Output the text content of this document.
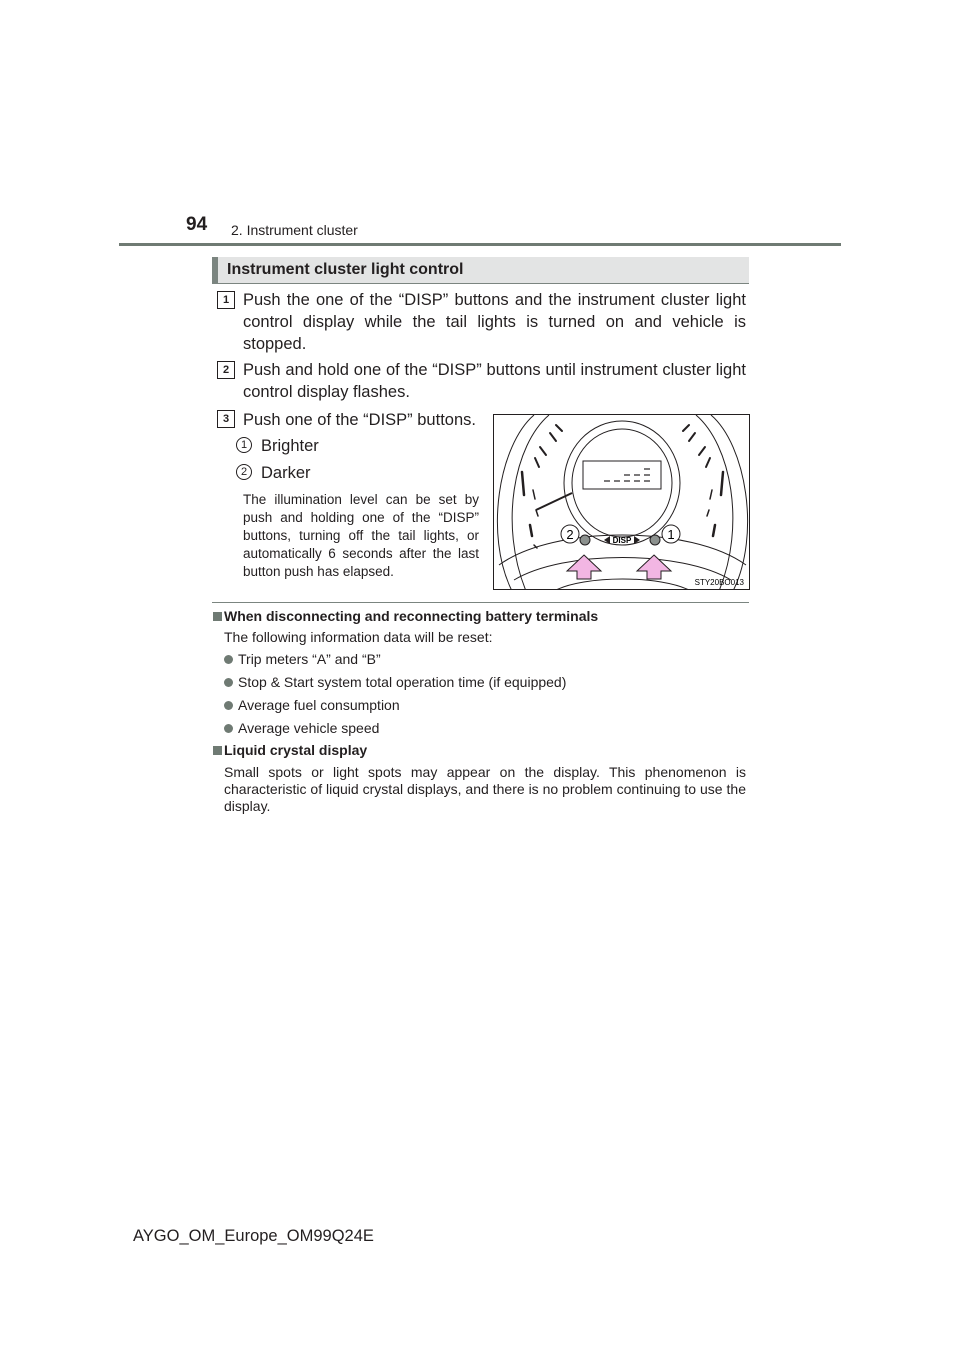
94 2. Instrument cluster
Instrument cluster light control
1 Push the one of the “DISP” buttons and the instrument cluster light control display while the tail lights is turned on and vehicle is stopped.
2 Push and hold one of the “DISP” buttons until instrument cluster light control display flashes.
3 Push one of the “DISP” buttons.
1 Brighter
2 Darker
The illumination level can be set by push and holding one of the “DISP” buttons, turning off the tail lights, or automatically 6 seconds after the last button push has elapsed.
DISP
2	1
STY20BO013
When disconnecting and reconnecting battery terminals
The following information data will be reset:
Trip meters “A” and “B”
Stop & Start system total operation time (if equipped)
Average fuel consumption
Average vehicle speed
Liquid crystal display
Small spots or light spots may appear on the display. This phenomenon is characteristic of liquid crystal displays, and there is no problem continuing to use the display.
AYGO_OM_Europe_OM99Q24E
